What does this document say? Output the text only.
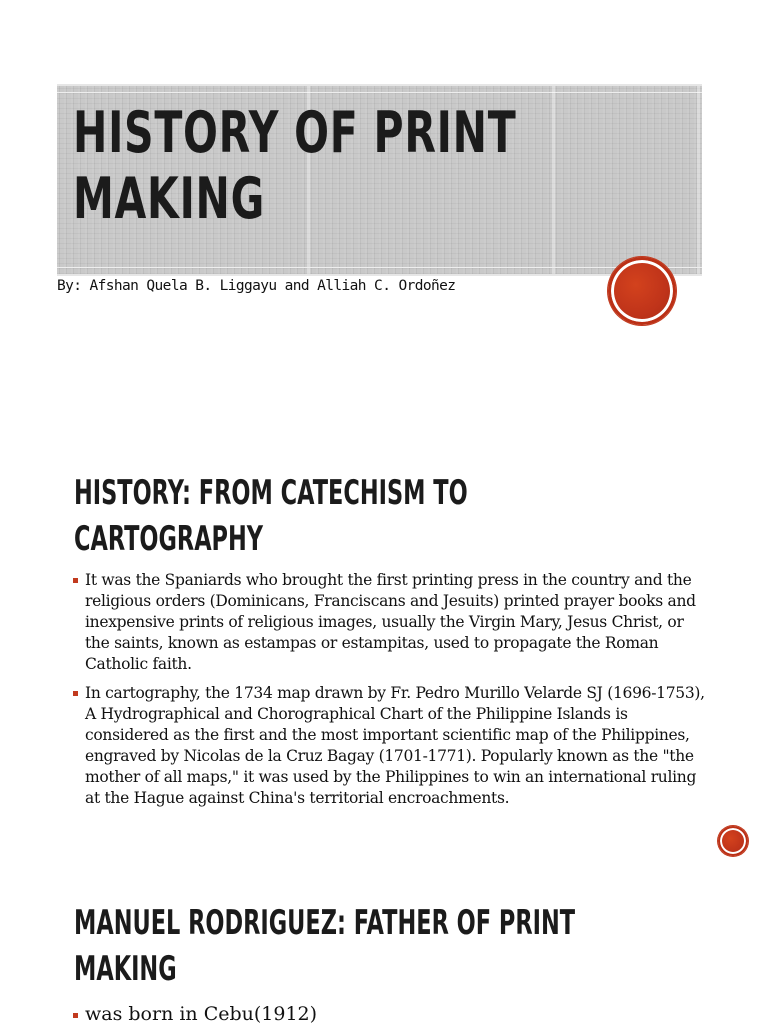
HISTORY OF PRINT
MAKING
By: Afshan Quela B. Liggayu and Alliah C. Ordoñez
HISTORY: FROM CATECHISM TO
CARTOGRAPHY
It was the Spaniards who brought the first printing press in the country and the religious orders (Dominicans, Franciscans and Jesuits) printed prayer books and inexpensive prints of religious images, usually the Virgin Mary, Jesus Christ, or the saints, known as estampas or estampitas, used to propagate the Roman Catholic faith.
In cartography, the 1734 map drawn by Fr. Pedro Murillo Velarde SJ (1696-1753), A Hydrographical and Chorographical Chart of the Philippine Islands is considered as the first and the most important scientific map of the Philippines, engraved by Nicolas de la Cruz Bagay (1701-1771). Popularly known as the "the mother of all maps," it was used by the Philippines to win an international ruling at the Hague against China's territorial encroachments.
MANUEL RODRIGUEZ: FATHER OF PRINT
MAKING
was born in Cebu(1912)
